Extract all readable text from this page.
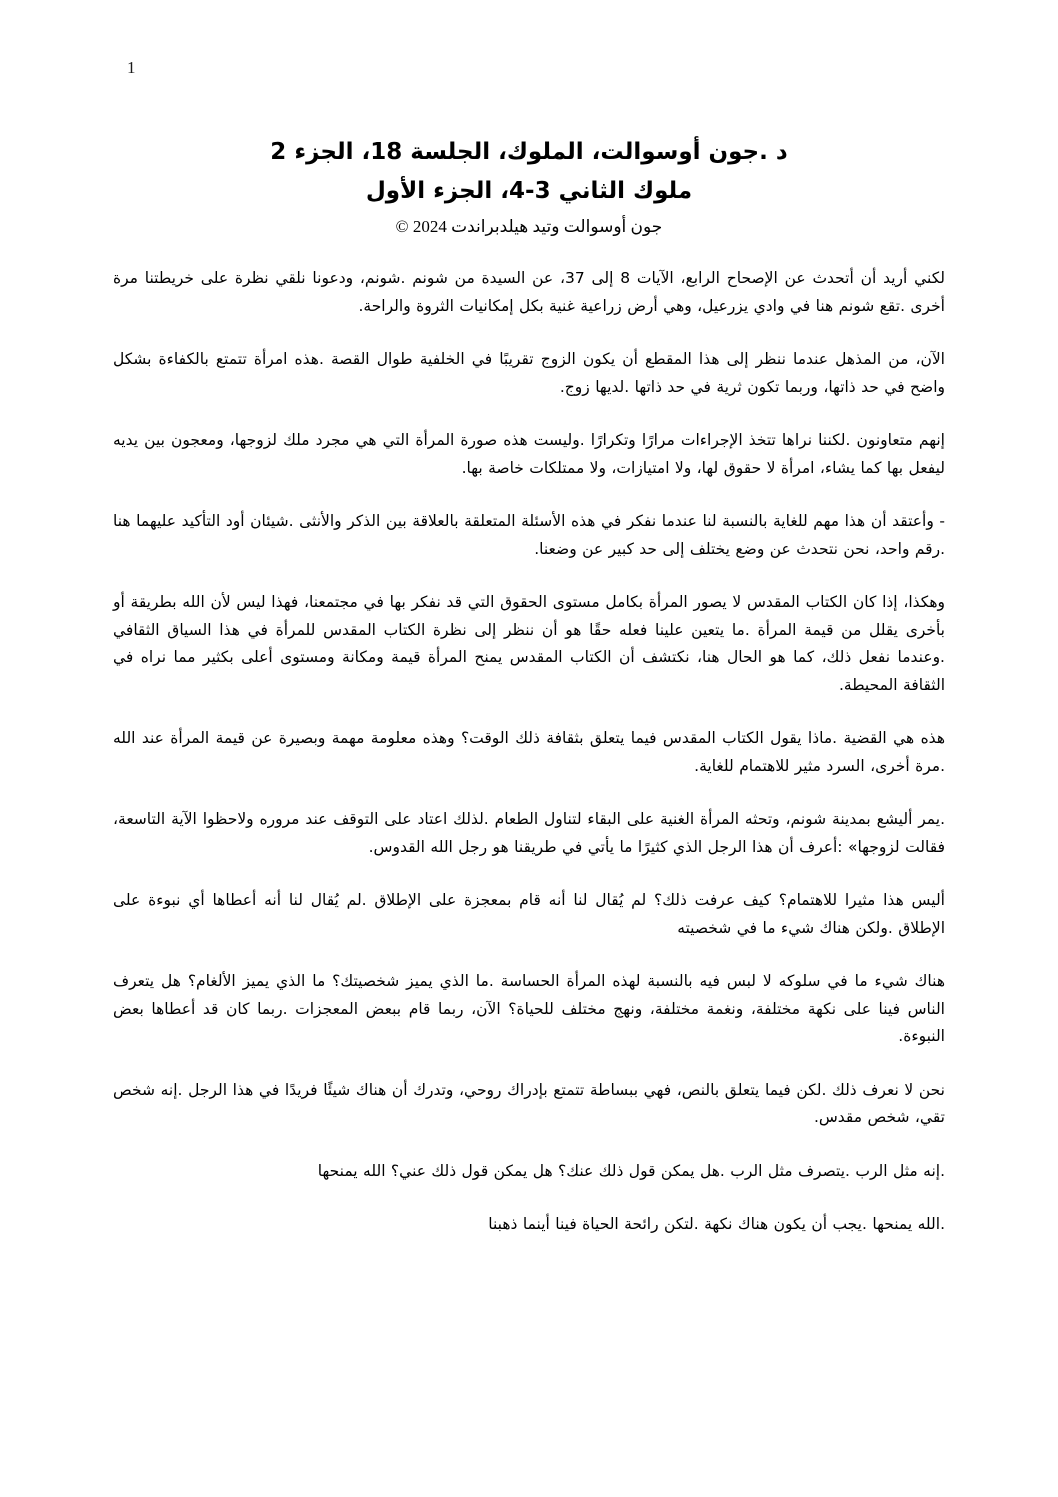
1
د .جون أوسوالت، الملوك، الجلسة 18، الجزء 2
ملوك الثاني 3-4، الجزء الأول
جون أوسوالت وتيد هيلدبراندت 2024 ©

لكني أريد أن أتحدث عن الإصحاح الرابع، الآيات 8 إلى 37، عن السيدة من شونم .شونم، ودعونا نلقي نظرة على خريطتنا مرة أخرى .تقع شونم هنا في وادي يزرعيل، وهي أرض زراعية غنية بكل إمكانيات الثروة والراحة.

الآن، من المذهل عندما ننظر إلى هذا المقطع أن يكون الزوج تقريبًا في الخلفية طوال القصة .هذه امرأة تتمتع بالكفاءة بشكل واضح في حد ذاتها، وربما تكون ثرية في حد ذاتها .لديها زوج.

إنهم متعاونون .لكننا نراها تتخذ الإجراءات مرارًا وتكرارًا .وليست هذه صورة المرأة التي هي مجرد ملك لزوجها، ومعجون بين يديه ليفعل بها كما يشاء، امرأة لا حقوق لها، ولا امتيازات، ولا ممتلكات خاصة بها.

- وأعتقد أن هذا مهم للغاية بالنسبة لنا عندما نفكر في هذه الأسئلة المتعلقة بالعلاقة بين الذكر والأنثى .شيئان أود التأكيد عليهما هنا .رقم واحد، نحن نتحدث عن وضع يختلف إلى حد كبير عن وضعنا.

وهكذا، إذا كان الكتاب المقدس لا يصور المرأة بكامل مستوى الحقوق التي قد نفكر بها في مجتمعنا، فهذا ليس لأن الله بطريقة أو بأخرى يقلل من قيمة المرأة .ما يتعين علينا فعله حقًا هو أن ننظر إلى نظرة الكتاب المقدس للمرأة في هذا السياق الثقافي .وعندما نفعل ذلك، كما هو الحال هنا، نكتشف أن الكتاب المقدس يمنح المرأة قيمة ومكانة ومستوى أعلى بكثير مما نراه في الثقافة المحيطة.

هذه هي القضية .ماذا يقول الكتاب المقدس فيما يتعلق بثقافة ذلك الوقت؟ وهذه معلومة مهمة وبصيرة عن قيمة المرأة عند الله .مرة أخرى، السرد مثير للاهتمام للغاية.

.يمر أليشع بمدينة شونم، وتحثه المرأة الغنية على البقاء لتناول الطعام .لذلك اعتاد على التوقف عند مروره ولاحظوا الآية التاسعة، فقالت لزوجها» :أعرف أن هذا الرجل الذي كثيرًا ما يأتي في طريقنا هو رجل الله القدوس.

أليس هذا مثيرا للاهتمام؟ كيف عرفت ذلك؟ لم يُقال لنا أنه قام بمعجزة على الإطلاق .لم يُقال لنا أنه أعطاها أي نبوءة على الإطلاق .ولكن هناك شيء ما في شخصيته

هناك شيء ما في سلوكه لا لبس فيه بالنسبة لهذه المرأة الحساسة .ما الذي يميز شخصيتك؟ ما الذي يميز الألغام؟ هل يتعرف الناس فينا على نكهة مختلفة، ونغمة مختلفة، ونهج مختلف للحياة؟ الآن، ربما قام ببعض المعجزات .ربما كان قد أعطاها بعض النبوءة.

نحن لا نعرف ذلك .لكن فيما يتعلق بالنص، فهي ببساطة تتمتع بإدراك روحي، وتدرك أن هناك شيئًا فريدًا في هذا الرجل .إنه شخص تقي، شخص مقدس.

.إنه مثل الرب .يتصرف مثل الرب .هل يمكن قول ذلك عنك؟ هل يمكن قول ذلك عني؟ الله يمنحها

.الله يمنحها .يجب أن يكون هناك نكهة .لتكن رائحة الحياة فينا أينما ذهبنا
